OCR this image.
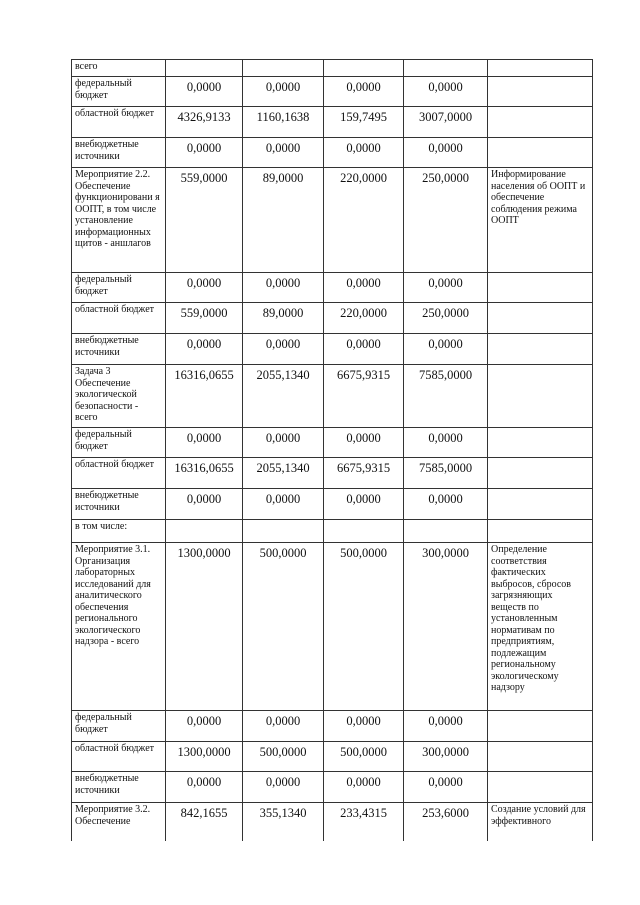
всего					
федеральный бюджет	0,0000	0,0000	0,0000	0,0000	
областной бюджет	4326,9133	1160,1638	159,7495	3007,0000	
внебюджетные источники	0,0000	0,0000	0,0000	0,0000	
Мероприятие 2.2. Обеспечение функционировани я ООПТ, в том числе установление информационных щитов - аншлагов	559,0000	89,0000	220,0000	250,0000	Информирование населения об ООПТ и обеспечение соблюдения режима ООПТ
федеральный бюджет	0,0000	0,0000	0,0000	0,0000	
областной бюджет	559,0000	89,0000	220,0000	250,0000	
внебюджетные источники	0,0000	0,0000	0,0000	0,0000	
Задача 3 Обеспечение экологической безопасности - всего	16316,0655	2055,1340	6675,9315	7585,0000	
федеральный бюджет	0,0000	0,0000	0,0000	0,0000	
областной бюджет	16316,0655	2055,1340	6675,9315	7585,0000	
внебюджетные источники	0,0000	0,0000	0,0000	0,0000	
в том числе:					
Мероприятие 3.1. Организация лабораторных исследований для аналитического обеспечения регионального экологического надзора - всего	1300,0000	500,0000	500,0000	300,0000	Определение соответствия фактических выбросов, сбросов загрязняющих веществ по установленным нормативам по предприятиям, подлежащим региональному экологическому надзору
федеральный бюджет	0,0000	0,0000	0,0000	0,0000	
областной бюджет	1300,0000	500,0000	500,0000	300,0000	
внебюджетные источники	0,0000	0,0000	0,0000	0,0000	
Мероприятие 3.2. Обеспечение	842,1655	355,1340	233,4315	253,6000	Создание условий для эффективного
